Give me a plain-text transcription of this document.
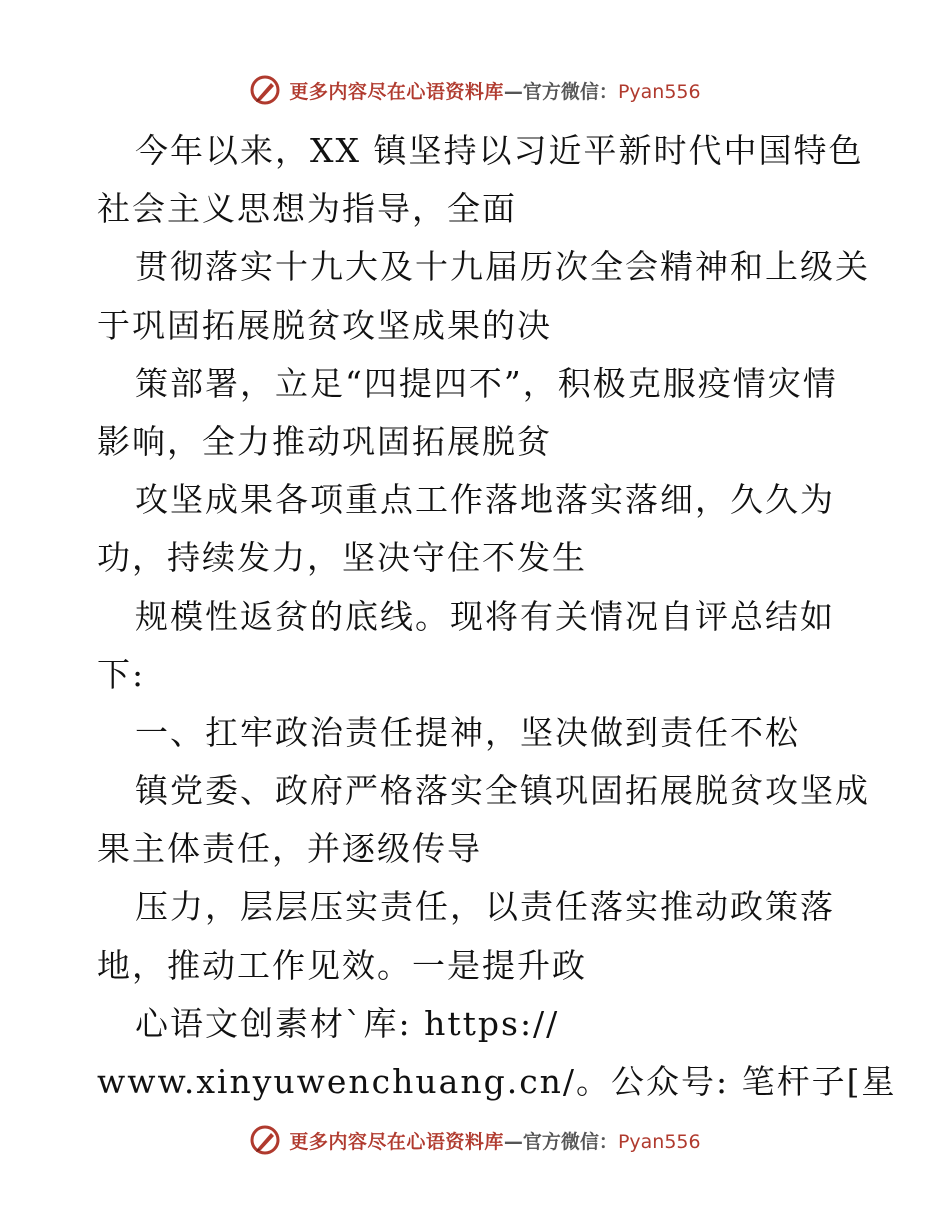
更多内容尽在心语资料库—官方微信：Pyan556
今年以来，XX 镇坚持以习近平新时代中国特色
社会主义思想为指导，全面
贯彻落实十九大及十九届历次全会精神和上级关
于巩固拓展脱贫攻坚成果的决
策部署，立足“四提四不”，积极克服疫情灾情
影响，全力推动巩固拓展脱贫
攻坚成果各项重点工作落地落实落细，久久为
功，持续发力，坚决守住不发生
规模性返贫的底线。现将有关情况自评总结如
下:
一、扛牢政治责任提神，坚决做到责任不松
镇党委、政府严格落实全镇巩固拓展脱贫攻坚成
果主体责任，并逐级传导
压力，层层压实责任，以责任落实推动政策落
地，推动工作见效。一是提升政
心语文创素材`库: https://
www.xinyuwenchuang.cn/。公众号: 笔杆子[星
更多内容尽在心语资料库—官方微信：Pyan556
